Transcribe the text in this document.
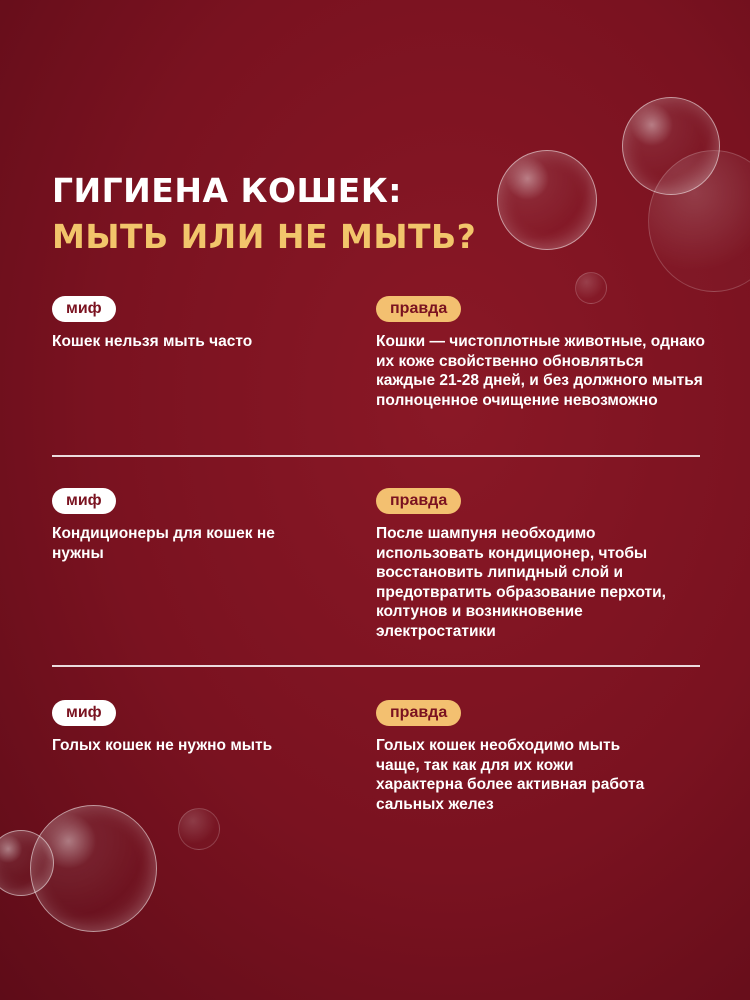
ГИГИЕНА КОШЕК:
МЫТЬ ИЛИ НЕ МЫТЬ?
миф
Кошек нельзя мыть часто
правда
Кошки — чистоплотные животные, однако их коже свойственно обновляться каждые 21-28 дней, и без должного мытья полноценное очищение невозможно
миф
Кондиционеры для кошек не нужны
правда
После шампуня необходимо использовать кондиционер, чтобы восстановить липидный слой и предотвратить образование перхоти, колтунов и возникновение электростатики
миф
Голых кошек не нужно мыть
правда
Голых кошек необходимо мыть чаще, так как для их кожи характерна более активная работа сальных желез
